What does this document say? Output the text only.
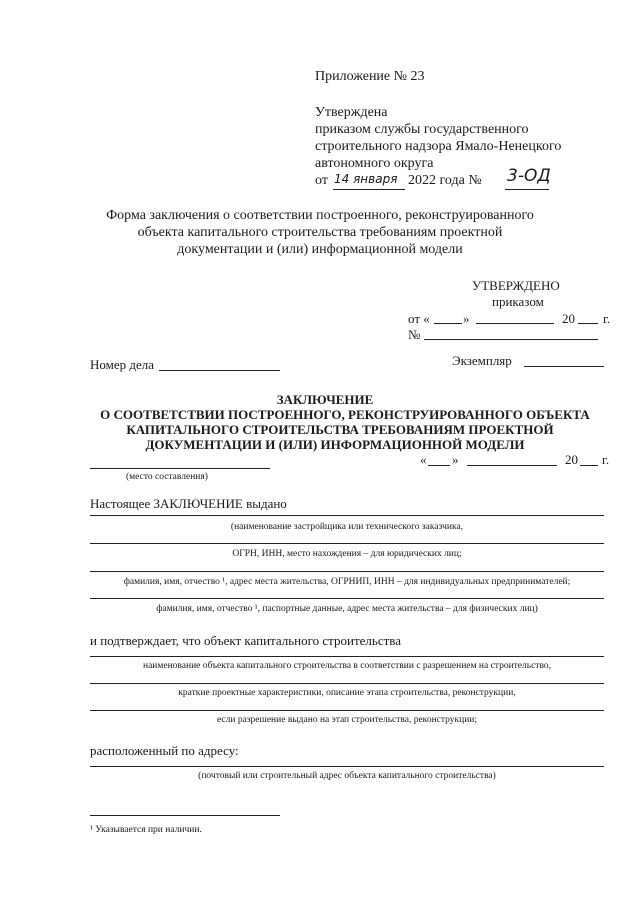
Приложение № 23
Утверждена
приказом службы государственного
строительного надзора Ямало-Ненецкого
автономного округа
от 14 января 2022 года № 3-ОД
Форма заключения о соответствии построенного, реконструированного
объекта капитального строительства требованиям проектной
документации и (или) информационной модели
УТВЕРЖДЕНО
приказом
от «	»	20 г.
№
Номер дела	Экземпляр
ЗАКЛЮЧЕНИЕ
О СООТВЕТСТВИИ ПОСТРОЕННОГО, РЕКОНСТРУИРОВАННОГО ОБЪЕКТА
КАПИТАЛЬНОГО СТРОИТЕЛЬСТВА ТРЕБОВАНИЯМ ПРОЕКТНОЙ
ДОКУМЕНТАЦИИ И (ИЛИ) ИНФОРМАЦИОННОЙ МОДЕЛИ
(место составления)
« »	20 г.
Настоящее ЗАКЛЮЧЕНИЕ выдано
(наименование застройщика или технического заказчика,
ОГРН, ИНН, место нахождения – для юридических лиц;
фамилия, имя, отчество ¹, адрес места жительства, ОГРНИП, ИНН – для индивидуальных предпринимателей;
фамилия, имя, отчество ¹, паспортные данные, адрес места жительства – для физических лиц)
и подтверждает, что объект капитального строительства
наименование объекта капитального строительства в соответствии с разрешением на строительство,
краткие проектные характеристики, описание этапа строительства, реконструкции,
если разрешение выдано на этап строительства, реконструкции;
расположенный по адресу:
(почтовый или строительный адрес объекта капитального строительства)
¹ Указывается при наличии.
